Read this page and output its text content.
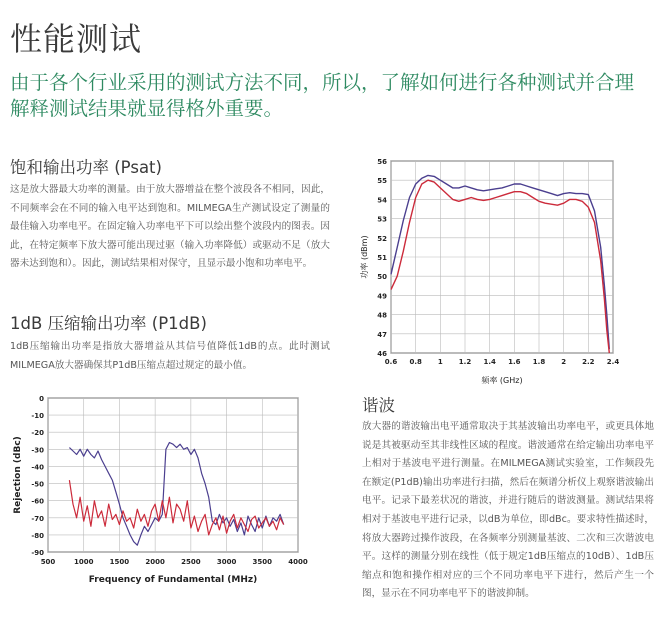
性能测试
由于各个行业采用的测试方法不同，所以，了解如何进行各种测试并合理解释测试结果就显得格外重要。
饱和输出功率 (Psat)
这是放大器最大功率的测量。由于放大器增益在整个波段各不相同，因此，不同频率会在不同的输入电平达到饱和。MILMEGA生产测试设定了测量的最佳输入功率电平。在固定输入功率电平下可以绘出整个波段内的图表。因此，在特定频率下放大器可能出现过驱（输入功率降低）或驱动不足（放大器未达到饱和）。因此，测试结果相对保守，且显示最小饱和功率电平。
1dB 压缩输出功率 (P1dB)
1dB压缩输出功率是指放大器增益从其信号值降低1dB的点。此时测试MILMEGA放大器确保其P1dB压缩点超过规定的最小值。
谐波
放大器的谐波输出电平通常取决于其基波输出功率电平，或更具体地说是其被驱动至其非线性区域的程度。谐波通常在给定输出功率电平上相对于基波电平进行测量。在MILMEGA测试实验室，工作频段先在额定(P1dB)输出功率进行扫描，然后在频谱分析仪上观察谐波输出电平。记录下最差状况的谐波，并进行随后的谐波测量。测试结果将相对于基波电平进行记录，以dB为单位，即dBc。要求特性描述时，将放大器跨过操作波段，在各频率分别测量基波、二次和三次谐波电平。这样的测量分别在线性（低于规定1dB压缩点的10dB）、1dB压缩点和饱和操作相对应的三个不同功率电平下进行，然后产生一个图，显示在不同功率电平下的谐波抑制。
0.6 0.8 1 1.2 1.4 1.6 1.8 2 2.2 2.4
46
47
48
49
50
51
52
53
54
55
56
频率 (GHz)
功率 (dBm)
500	1000 1500 2000 2500 3000 3500 4000
0
-10
-20
-30
-40
-50
-60
-70
-80
-90
Frequency of Fundamental (MHz)
Rejection (dBc)
